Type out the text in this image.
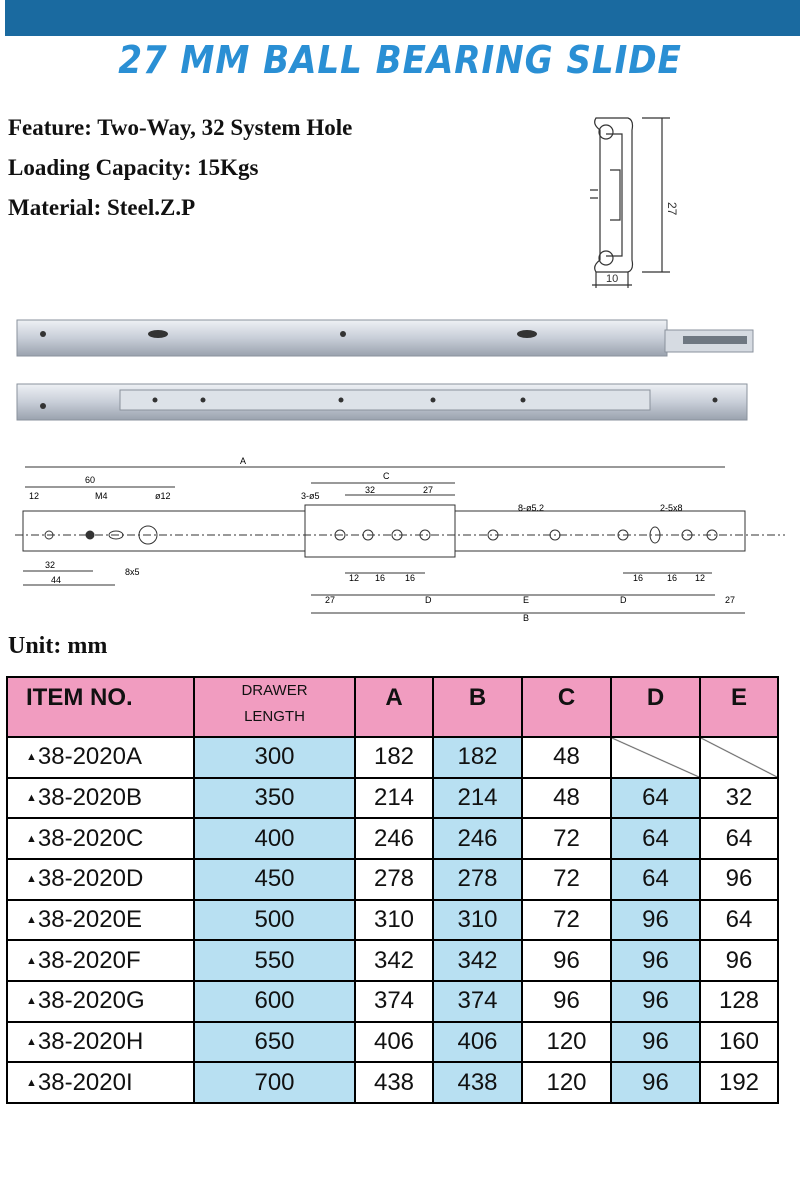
27 MM BALL BEARING SLIDE
Feature: Two-Way, 32 System Hole
Loading Capacity: 15Kgs
Material: Steel.Z.P	27
10
A
60
12	M4	ø12
32
44
8x5
C
3-ø5
32	27
8-ø5.2	2-5x8
12 16 16	16	16 12
27	D	E	D	27
B
Unit: mm
ITEM NO.	DRAWER
LENGTH	A	B	C	D	E
▲38-2020A	300	182	182	48		
▲38-2020B	350	214	214	48	64	32
▲38-2020C	400	246	246	72	64	64
▲38-2020D	450	278	278	72	64	96
▲38-2020E	500	310	310	72	96	64
▲38-2020F	550	342	342	96	96	96
▲38-2020G	600	374	374	96	96	128
▲38-2020H	650	406	406	120	96	160
▲38-2020I	700	438	438	120	96	192
